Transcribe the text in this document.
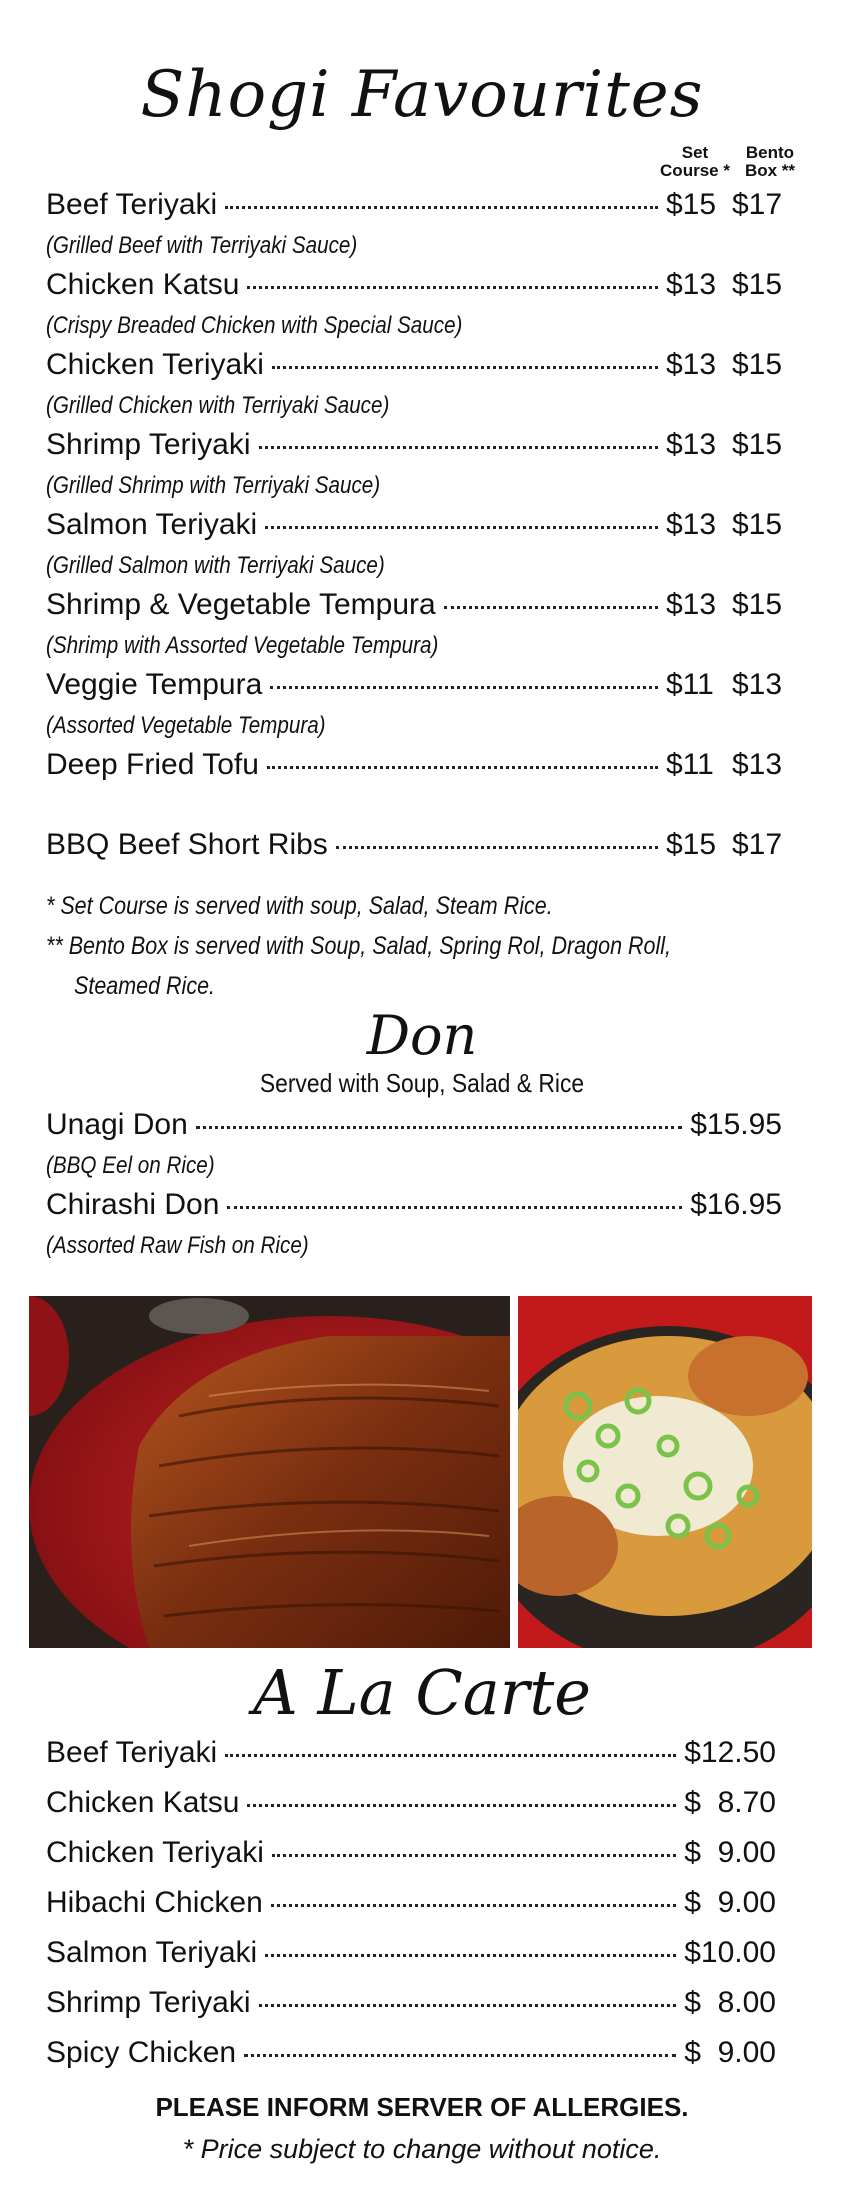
Shogi Favourites
Set
Course *
Bento
Box **
Beef Teriyaki	$15 $17
(Grilled Beef with Terriyaki Sauce)
Chicken Katsu	$13 $15
(Crispy Breaded Chicken with Special Sauce)
Chicken Teriyaki	$13 $15
(Grilled Chicken with Terriyaki Sauce)
Shrimp Teriyaki	$13 $15
(Grilled Shrimp with Terriyaki Sauce)
Salmon Teriyaki	$13 $15
(Grilled Salmon with Terriyaki Sauce)
Shrimp & Vegetable Tempura	$13 $15
(Shrimp with Assorted Vegetable Tempura)
Veggie Tempura	$11 $13
(Assorted Vegetable Tempura)
Deep Fried Tofu	$11 $13
BBQ Beef Short Ribs	$15 $17
* Set Course is served with soup, Salad, Steam Rice.
** Bento Box is served with Soup, Salad, Spring Rol, Dragon Roll,
Steamed Rice.
Don
Served with Soup, Salad & Rice
Unagi Don	$15.95
(BBQ Eel on Rice)
Chirashi Don	$16.95
(Assorted Raw Fish on Rice)
A La Carte
Beef Teriyaki	$12.50
Chicken Katsu	$  8.70
Chicken Teriyaki	$  9.00
Hibachi Chicken	$  9.00
Salmon Teriyaki	$10.00
Shrimp Teriyaki	$  8.00
Spicy Chicken	$  9.00
PLEASE INFORM SERVER OF ALLERGIES.
* Price subject to change without notice.
